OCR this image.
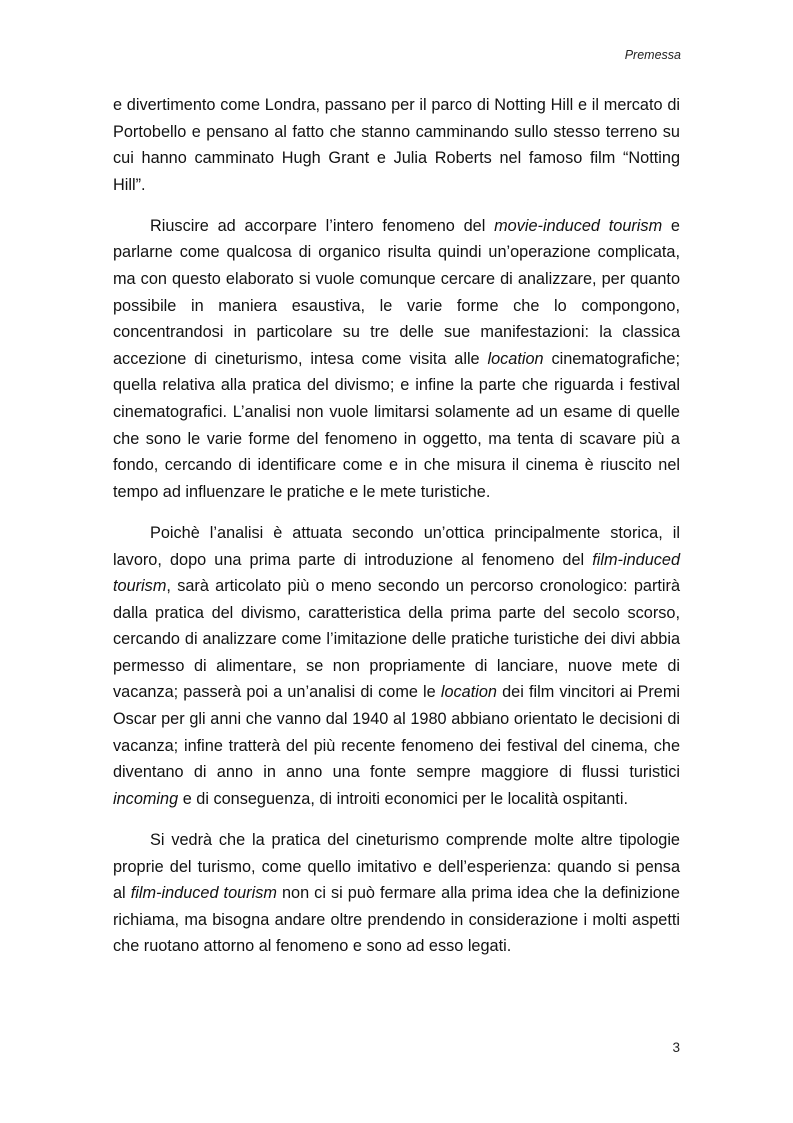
Premessa

e divertimento come Londra, passano per il parco di Notting Hill e il mercato di Portobello e pensano al fatto che stanno camminando sullo stesso terreno su cui hanno camminato Hugh Grant e Julia Roberts nel famoso film “Notting Hill”.

Riuscire ad accorpare l’intero fenomeno del movie-induced tourism e parlarne come qualcosa di organico risulta quindi un’operazione complicata, ma con questo elaborato si vuole comunque cercare di analizzare, per quanto possibile in maniera esaustiva, le varie forme che lo compongono, concentrandosi in particolare su tre delle sue manifestazioni: la classica accezione di cineturismo, intesa come visita alle location cinematografiche; quella relativa alla pratica del divismo; e infine la parte che riguarda i festival cinematografici. L’analisi non vuole limitarsi solamente ad un esame di quelle che sono le varie forme del fenomeno in oggetto, ma tenta di scavare più a fondo, cercando di identificare come e in che misura il cinema è riuscito nel tempo ad influenzare le pratiche e le mete turistiche.

Poichè l’analisi è attuata secondo un’ottica principalmente storica, il lavoro, dopo una prima parte di introduzione al fenomeno del film-induced tourism, sarà articolato più o meno secondo un percorso cronologico: partirà dalla pratica del divismo, caratteristica della prima parte del secolo scorso, cercando di analizzare come l’imitazione delle pratiche turistiche dei divi abbia permesso di alimentare, se non propriamente di lanciare, nuove mete di vacanza; passerà poi a un’analisi di come le location dei film vincitori ai Premi Oscar per gli anni che vanno dal 1940 al 1980 abbiano orientato le decisioni di vacanza; infine tratterà del più recente fenomeno dei festival del cinema, che diventano di anno in anno una fonte sempre maggiore di flussi turistici incoming e di conseguenza, di introiti economici per le località ospitanti.

Si vedrà che la pratica del cineturismo comprende molte altre tipologie proprie del turismo, come quello imitativo e dell’esperienza: quando si pensa al film-induced tourism non ci si può fermare alla prima idea che la definizione richiama, ma bisogna andare oltre prendendo in considerazione i molti aspetti che ruotano attorno al fenomeno e sono ad esso legati.

3
